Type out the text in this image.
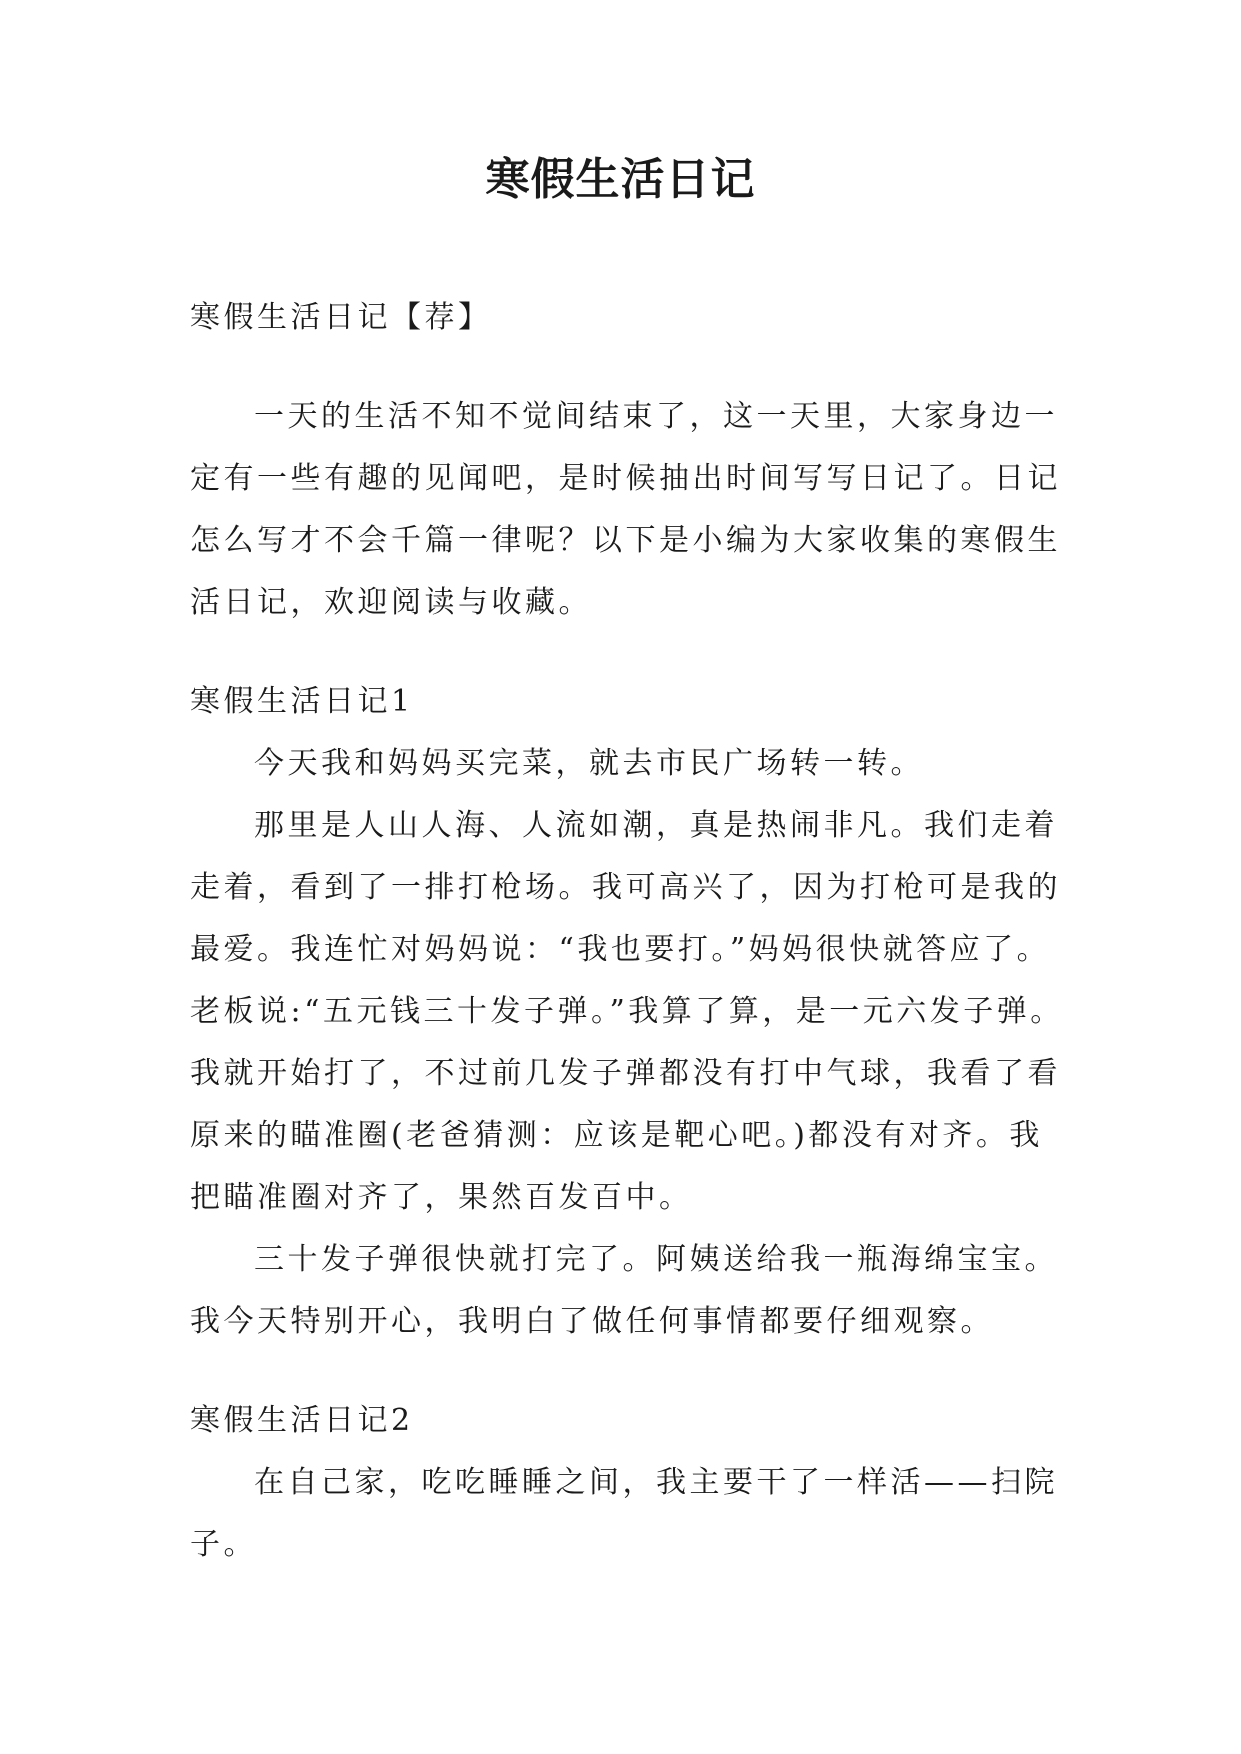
寒假生活日记

寒假生活日记【荐】

一天的生活不知不觉间结束了，这一天里，大家身边一定有一些有趣的见闻吧，是时候抽出时间写写日记了。日记怎么写才不会千篇一律呢？以下是小编为大家收集的寒假生活日记，欢迎阅读与收藏。

寒假生活日记1

今天我和妈妈买完菜，就去市民广场转一转。

那里是人山人海、人流如潮，真是热闹非凡。我们走着走着，看到了一排打枪场。我可高兴了，因为打枪可是我的最爱。我连忙对妈妈说：“我也要打。”妈妈很快就答应了。老板说:“五元钱三十发子弹。”我算了算，是一元六发子弹。我就开始打了，不过前几发子弹都没有打中气球，我看了看原来的瞄准圈(老爸猜测：应该是靶心吧。)都没有对齐。我把瞄准圈对齐了，果然百发百中。

三十发子弹很快就打完了。阿姨送给我一瓶海绵宝宝。我今天特别开心，我明白了做任何事情都要仔细观察。

寒假生活日记2

在自己家，吃吃睡睡之间，我主要干了一样活——扫院子。
